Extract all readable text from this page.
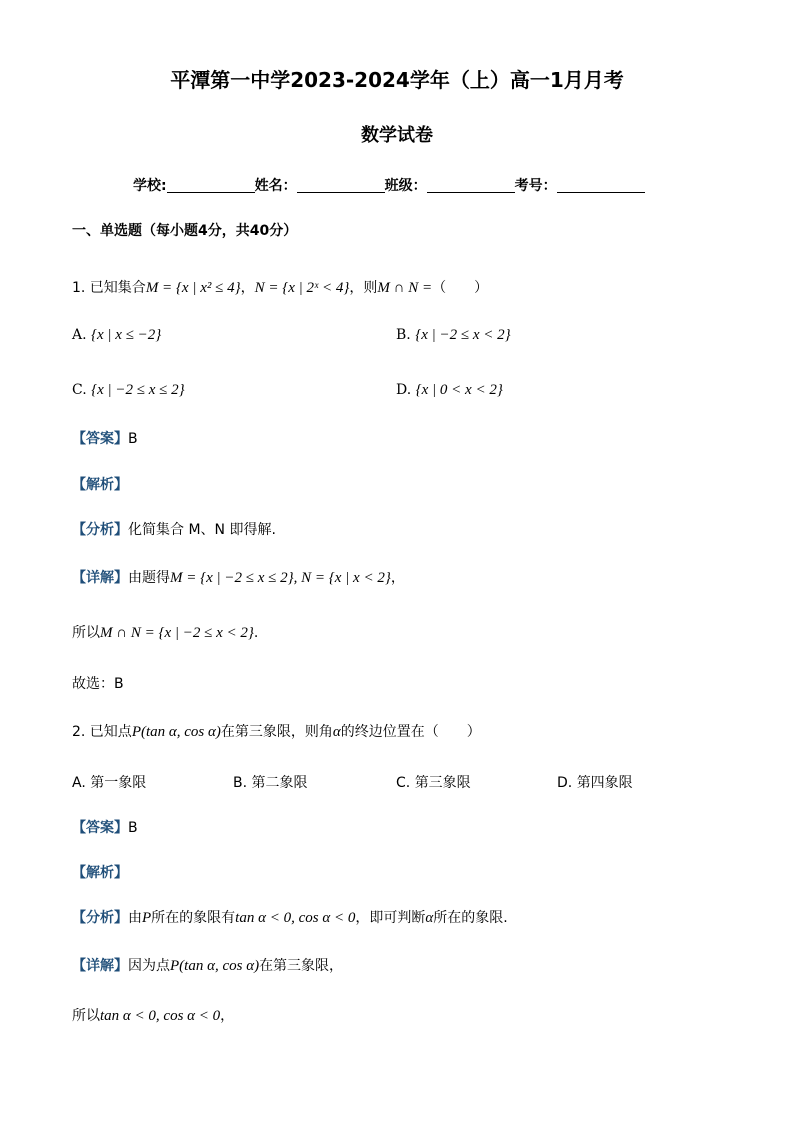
平潭第一中学2023-2024学年（上）高一1月月考
数学试卷
学校:	姓名：	班级：	考号：
一、单选题（每小题4分，共40分）
1. 已知集合M = {x | x² ≤ 4}，N = {x | 2ˣ < 4}，则M ∩ N =（　　）
A. {x | x ≤ −2}	B. {x | −2 ≤ x < 2}
C. {x | −2 ≤ x ≤ 2}	D. {x | 0 < x < 2}
【答案】B
【解析】
【分析】化简集合 M、N 即得解.
【详解】由题得M = {x | −2 ≤ x ≤ 2}, N = {x | x < 2}，
所以M ∩ N = {x | −2 ≤ x < 2}.
故选：B
2. 已知点P(tan α, cos α)在第三象限，则角α的终边位置在（　　）
A. 第一象限	B. 第二象限	C. 第三象限	D. 第四象限
【答案】B
【解析】
【分析】由P所在的象限有tan α < 0, cos α < 0，即可判断α所在的象限.
【详解】因为点P(tan α, cos α)在第三象限，
所以tan α < 0, cos α < 0，
